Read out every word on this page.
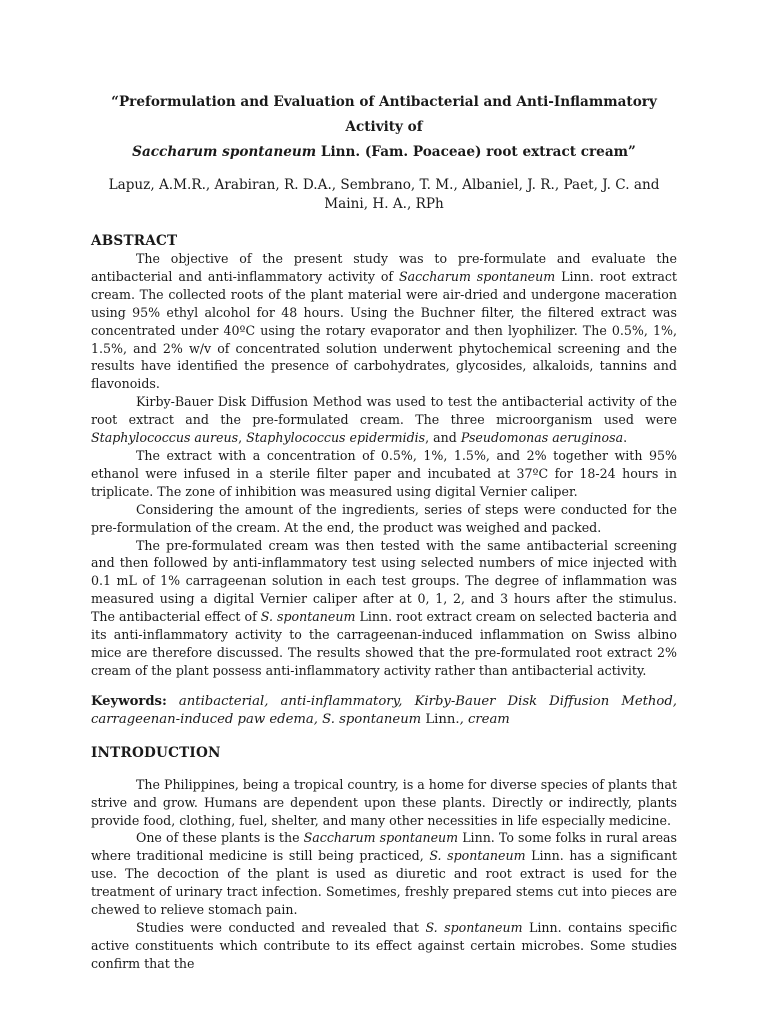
“Preformulation and Evaluation of Antibacterial and Anti-Inflammatory Activity of
Saccharum spontaneum Linn. (Fam. Poaceae) root extract cream”
Lapuz, A.M.R., Arabiran, R. D.A., Sembrano, T. M., Albaniel, J. R., Paet, J. C. and Maini, H. A., RPh
ABSTRACT

The objective of the present study was to pre-formulate and evaluate the antibacterial and anti-inflammatory activity of Saccharum spontaneum Linn. root extract cream. The collected roots of the plant material were air-dried and undergone maceration using 95% ethyl alcohol for 48 hours. Using the Buchner filter, the filtered extract was concentrated under 40ºC using the rotary evaporator and then lyophilizer. The 0.5%, 1%, 1.5%, and 2% w/v of concentrated solution underwent phytochemical screening and the results have identified the presence of carbohydrates, glycosides, alkaloids, tannins and flavonoids.

Kirby-Bauer Disk Diffusion Method was used to test the antibacterial activity of the root extract and the pre-formulated cream. The three microorganism used were Staphylococcus aureus, Staphylococcus epidermidis, and Pseudomonas aeruginosa.

The extract with a concentration of 0.5%, 1%, 1.5%, and 2% together with 95% ethanol were infused in a sterile filter paper and incubated at 37ºC for 18-24 hours in triplicate. The zone of inhibition was measured using digital Vernier caliper.

Considering the amount of the ingredients, series of steps were conducted for the pre-formulation of the cream. At the end, the product was weighed and packed.

The pre-formulated cream was then tested with the same antibacterial screening and then followed by anti-inflammatory test using selected numbers of mice injected with 0.1 mL of 1% carrageenan solution in each test groups. The degree of inflammation was measured using a digital Vernier caliper after at 0, 1, 2, and 3 hours after the stimulus. The antibacterial effect of S. spontaneum Linn. root extract cream on selected bacteria and its anti-inflammatory activity to the carrageenan-induced inflammation on Swiss albino mice are therefore discussed. The results showed that the pre-formulated root extract 2% cream of the plant possess anti-inflammatory activity rather than antibacterial activity.

Keywords: antibacterial, anti-inflammatory, Kirby-Bauer Disk Diffusion Method, carrageenan-induced paw edema, S. spontaneum Linn., cream

INTRODUCTION

The Philippines, being a tropical country, is a home for diverse species of plants that strive and grow. Humans are dependent upon these plants. Directly or indirectly, plants provide food, clothing, fuel, shelter, and many other necessities in life especially medicine.

One of these plants is the Saccharum spontaneum Linn. To some folks in rural areas where traditional medicine is still being practiced, S. spontaneum Linn. has a significant use. The decoction of the plant is used as diuretic and root extract is used for the treatment of urinary tract infection. Sometimes, freshly prepared stems cut into pieces are chewed to relieve stomach pain.

Studies were conducted and revealed that S. spontaneum Linn. contains specific active constituents which contribute to its effect against certain microbes. Some studies confirm that the
